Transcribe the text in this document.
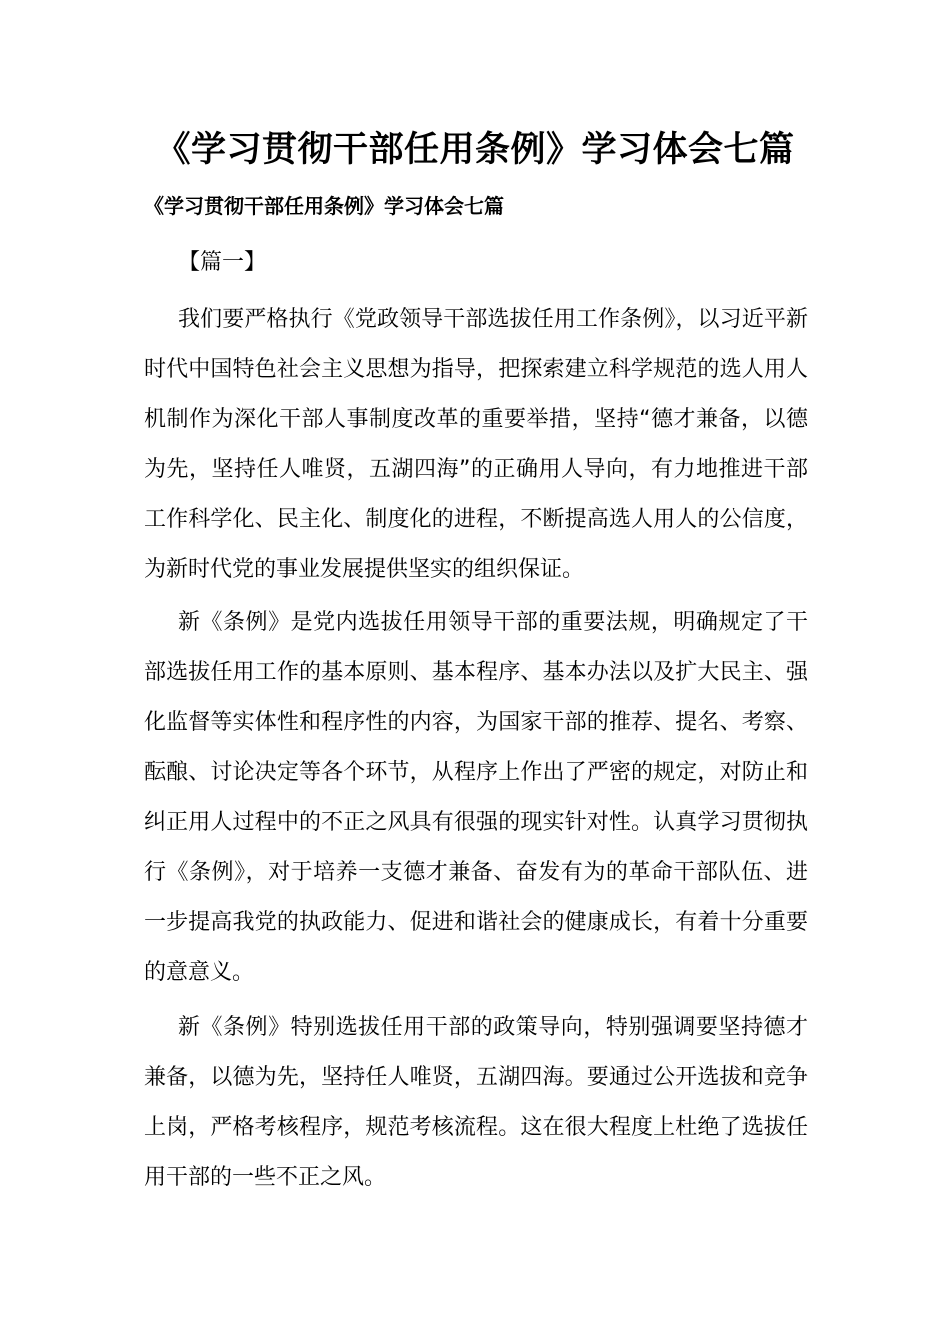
《学习贯彻干部任用条例》学习体会七篇
《学习贯彻干部任用条例》学习体会七篇

【篇一】

我们要严格执行《党政领导干部选拔任用工作条例》，以习近平新时代中国特色社会主义思想为指导，把探索建立科学规范的选人用人机制作为深化干部人事制度改革的重要举措，坚持“德才兼备，以德为先，坚持任人唯贤，五湖四海”的正确用人导向，有力地推进干部工作科学化、民主化、制度化的进程，不断提高选人用人的公信度，为新时代党的事业发展提供坚实的组织保证。

新《条例》是党内选拔任用领导干部的重要法规，明确规定了干部选拔任用工作的基本原则、基本程序、基本办法以及扩大民主、强化监督等实体性和程序性的内容，为国家干部的推荐、提名、考察、酝酿、讨论决定等各个环节，从程序上作出了严密的规定，对防止和纠正用人过程中的不正之风具有很强的现实针对性。认真学习贯彻执行《条例》，对于培养一支德才兼备、奋发有为的革命干部队伍、进一步提高我党的执政能力、促进和谐社会的健康成长，有着十分重要的意意义。

新《条例》特别选拔任用干部的政策导向，特别强调要坚持德才兼备，以德为先，坚持任人唯贤，五湖四海。要通过公开选拔和竞争上岗，严格考核程序，规范考核流程。这在很大程度上杜绝了选拔任用干部的一些不正之风。
